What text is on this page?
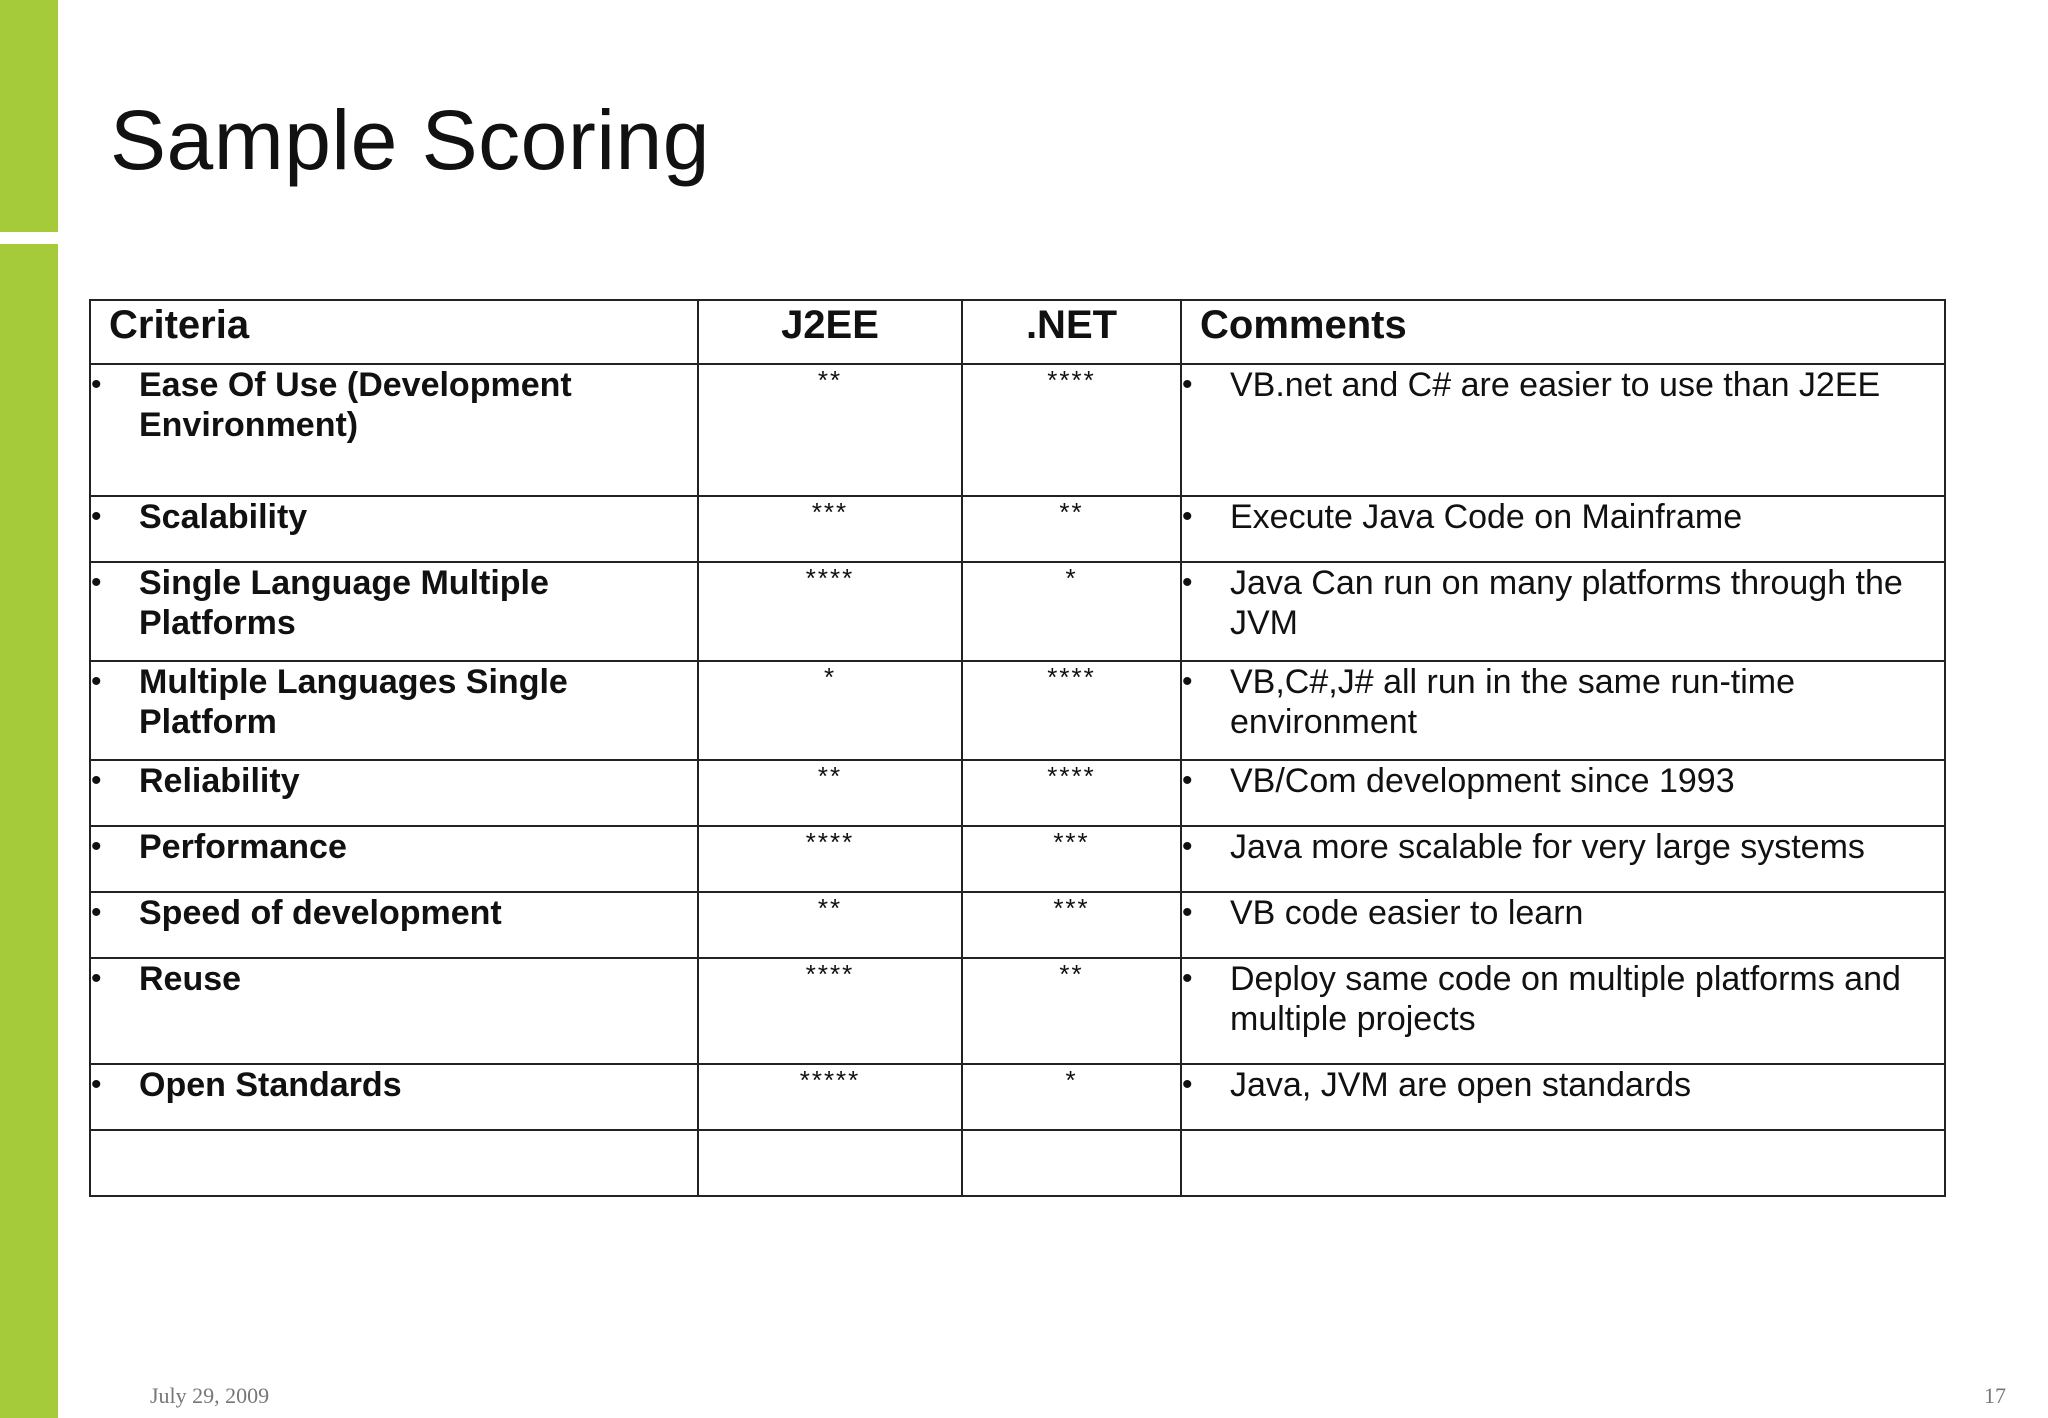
Sample Scoring
Criteria	J2EE	.NET	Comments

• Ease Of Use (Development Environment)	**	****	• VB.net and C# are easier to use than J2EE

• Scalability	***	**	• Execute Java Code on Mainframe

• Single Language Multiple Platforms	****	*	• Java Can run on many platforms through the JVM

• Multiple Languages Single Platform	*	****	• VB,C#,J# all run in the same run-time environment

• Reliability	**	****	• VB/Com development since 1993

• Performance	****	***	• Java more scalable for very large systems

• Speed of development	**	***	• VB code easier to learn

• Reuse	****	**	• Deploy same code on multiple platforms and multiple projects

• Open Standards	*****	*	• Java, JVM are open standards

July 29, 2009	17
